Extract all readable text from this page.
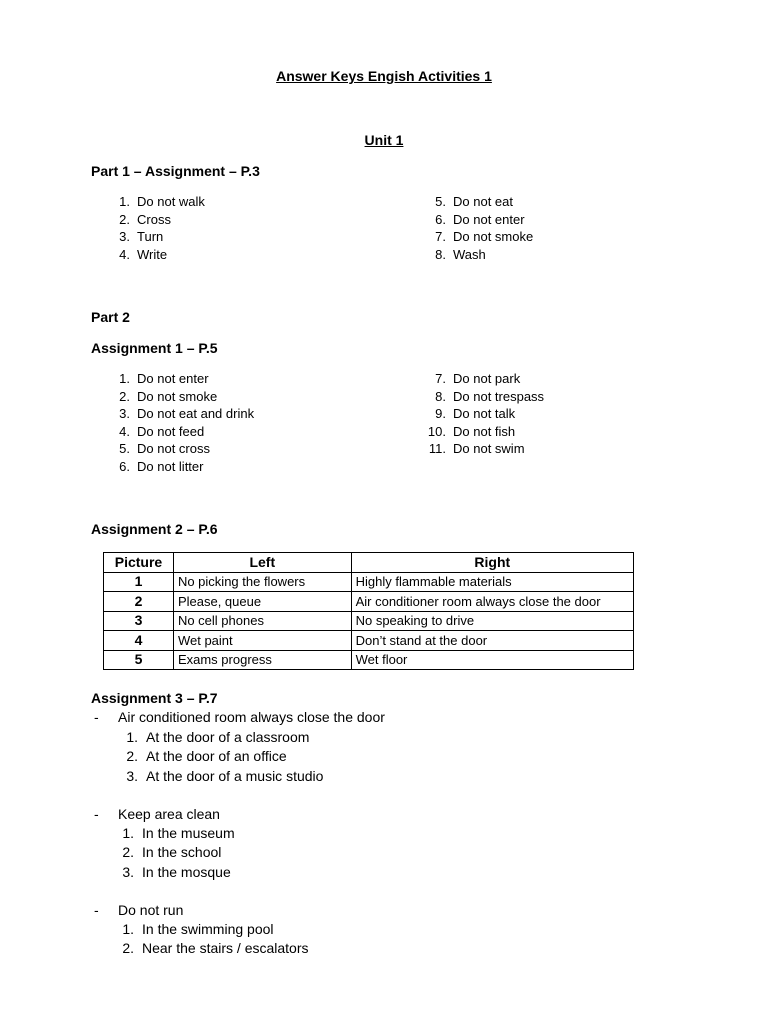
Answer Keys Engish Activities 1
Unit 1
Part 1 – Assignment – P.3
1. Do not walk
2. Cross
3. Turn
4. Write
5. Do not eat
6. Do not enter
7. Do not smoke
8. Wash
Part 2
Assignment 1 – P.5
1. Do not enter
2. Do not smoke
3. Do not eat and drink
4. Do not feed
5. Do not cross
6. Do not litter
7. Do not park
8. Do not trespass
9. Do not talk
10. Do not fish
11. Do not swim
Assignment 2 – P.6
Picture	Left	Right
1	No picking the flowers	Highly flammable materials
2	Please, queue	Air conditioner room always close the door
3	No cell phones	No speaking to drive
4	Wet paint	Don’t stand at the door
5	Exams progress	Wet floor
Assignment 3 – P.7
- Air conditioned room always close the door
1. At the door of a classroom
2. At the door of an office
3. At the door of a music studio
- Keep area clean
1. In the museum
2. In the school
3. In the mosque
- Do not run
1. In the swimming pool
2. Near the stairs / escalators
